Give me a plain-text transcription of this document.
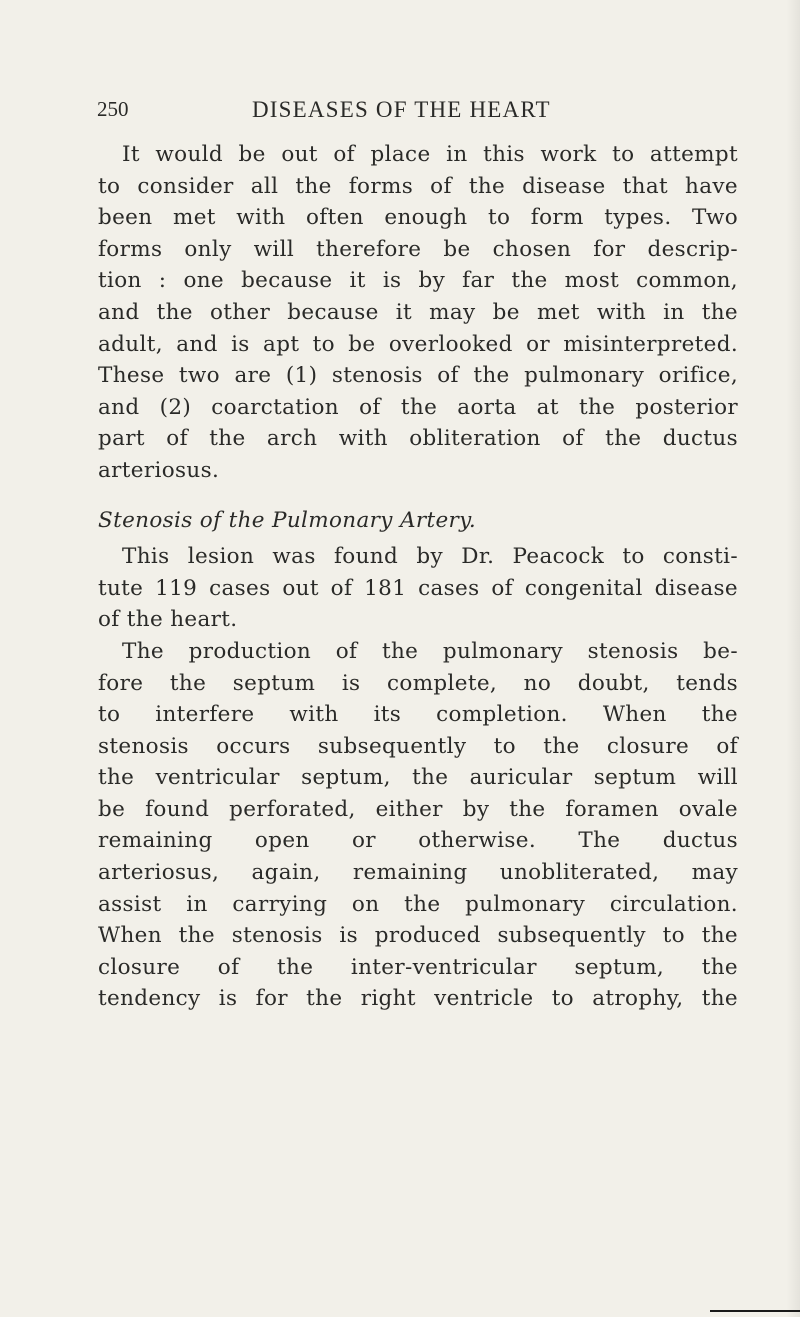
250	DISEASES OF THE HEART
It would be out of place in this work to attempt
to consider all the forms of the disease that have
been met with often enough to form types. Two
forms only will therefore be chosen for descrip-
tion : one because it is by far the most common,
and the other because it may be met with in the
adult, and is apt to be overlooked or misinterpreted.
These two are (1) stenosis of the pulmonary orifice,
and (2) coarctation of the aorta at the posterior
part of the arch with obliteration of the ductus
arteriosus.
Stenosis of the Pulmonary Artery.
This lesion was found by Dr. Peacock to consti-
tute 119 cases out of 181 cases of congenital disease
of the heart.
The production of the pulmonary stenosis be-
fore the septum is complete, no doubt, tends
to interfere with its completion. When the
stenosis occurs subsequently to the closure of
the ventricular septum, the auricular septum will
be found perforated, either by the foramen ovale
remaining open or otherwise. The ductus
arteriosus, again, remaining unobliterated, may
assist in carrying on the pulmonary circulation.
When the stenosis is produced subsequently to the
closure of the inter-ventricular septum, the
tendency is for the right ventricle to atrophy, the
